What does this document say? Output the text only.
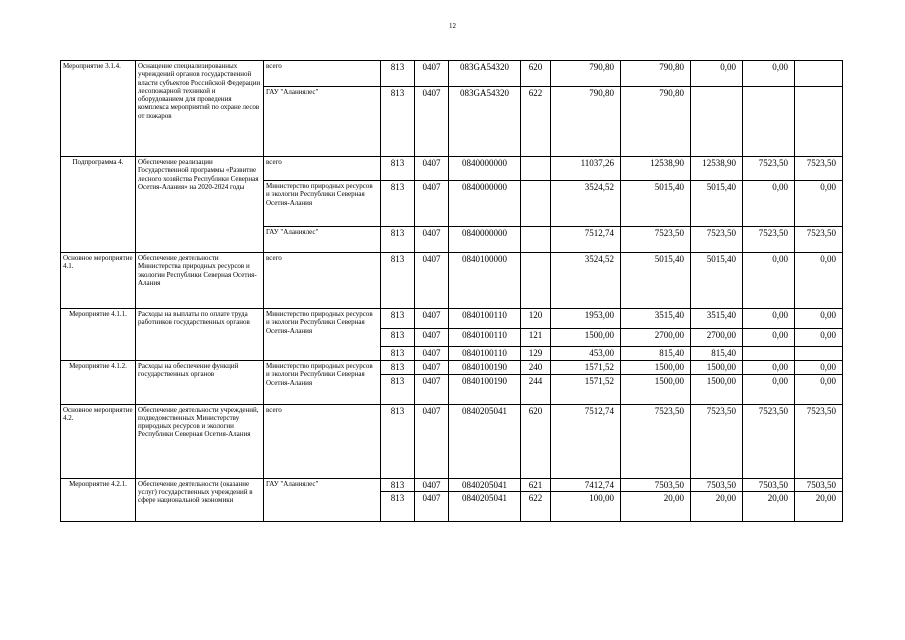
12
Мероприятие 3.1.4.	Оснащение специализированных учреждений органов государственной власти субъектов Российской Федерации лесопожарной техникой и оборудованием для проведения комплекса мероприятий по охране лесов от пожаров	всего	813	0407	083GA54320	620	790,80	790,80	0,00	0,00	
		ГАУ "Аланиялес"	813	0407	083GA54320	622	790,80	790,80			
Подпрограмма 4.	Обеспечение реализации Государственной программы «Развитие лесного хозяйства Республики Северная Осетия-Алания» на 2020-2024 годы	всего	813	0407	0840000000		11037,26	12538,90	12538,90	7523,50	7523,50
		Министерство природных ресурсов и экологии Республики Северная Осетия-Алания	813	0407	0840000000		3524,52	5015,40	5015,40	0,00	0,00
		ГАУ "Аланиялес"	813	0407	0840000000		7512,74	7523,50	7523,50	7523,50	7523,50
Основное мероприятие 4.1.	Обеспечение деятельности Министерства природных ресурсов и экологии Республики Северная Осетия-Алания	всего	813	0407	0840100000		3524,52	5015,40	5015,40	0,00	0,00
Мероприятие 4.1.1.	Расходы на выплаты по оплате труда работников государственных органов	Министерство природных ресурсов и экологии Республики Северная Осетия-Алания	813	0407	0840100110	120	1953,00	3515,40	3515,40	0,00	0,00
			813	0407	0840100110	121	1500,00	2700,00	2700,00	0,00	0,00
			813	0407	0840100110	129	453,00	815,40	815,40		
Мероприятие 4.1.2.	Расходы на обеспечение функций государственных органов	Министерство природных ресурсов и экологии Республики Северная Осетия-Алания	813	0407	0840100190	240	1571,52	1500,00	1500,00	0,00	0,00
			813	0407	0840100190	244	1571,52	1500,00	1500,00	0,00	0,00
Основное мероприятие 4.2.	Обеспечение деятельности учреждений, подведомственных Министерству природных ресурсов и экологии Республики Северная Осетия-Алания	всего	813	0407	0840205041	620	7512,74	7523,50	7523,50	7523,50	7523,50
Мероприятие 4.2.1.	Обеспечение деятельности (оказание услуг) государственных учреждений в сфере национальной экономики	ГАУ "Аланиялес"	813	0407	0840205041	621	7412,74	7503,50	7503,50	7503,50	7503,50
			813	0407	0840205041	622	100,00	20,00	20,00	20,00	20,00
